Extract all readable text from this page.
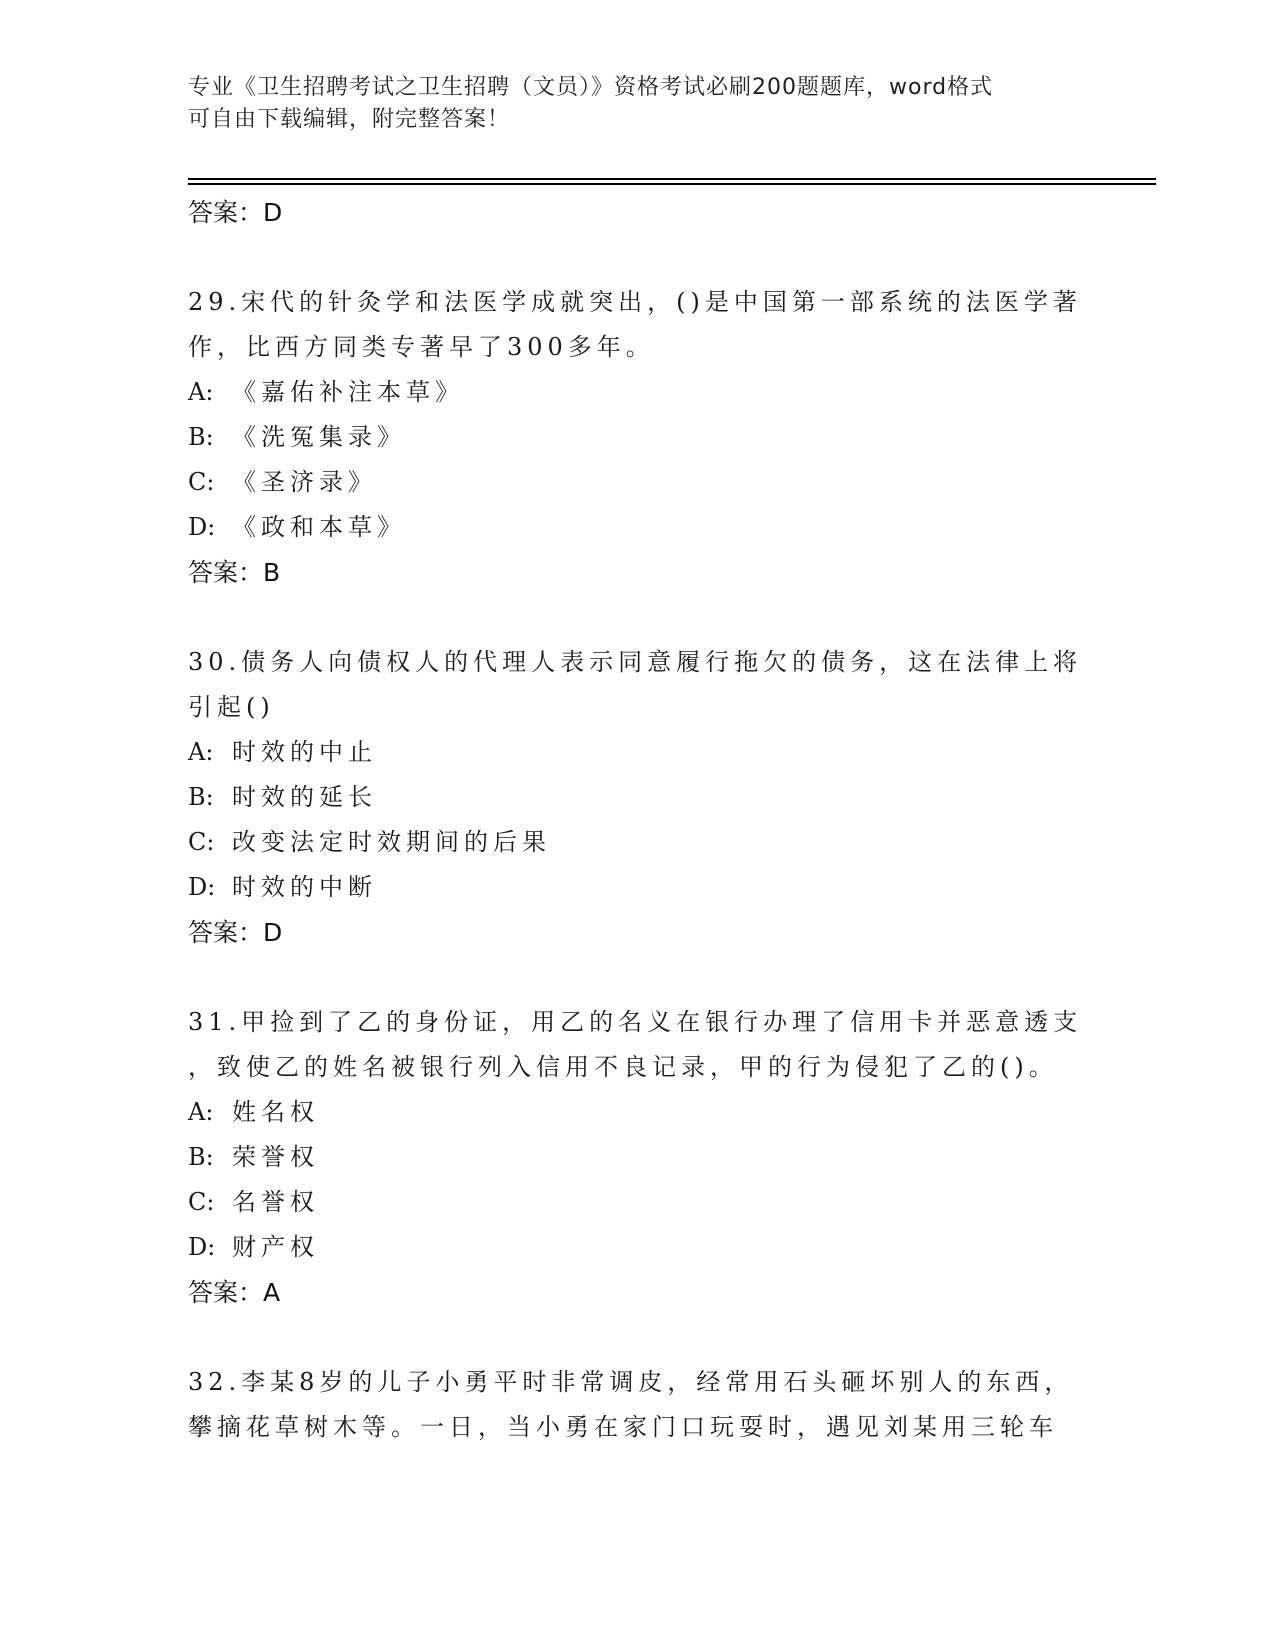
专业《卫生招聘考试之卫生招聘（文员）》资格考试必刷200题题库，word格式
可自由下载编辑，附完整答案！
答案：D
29.宋代的针灸学和法医学成就突出，()是中国第一部系统的法医学著
作，比西方同类专著早了300多年。
A: 《嘉佑补注本草》
B: 《洗冤集录》
C: 《圣济录》
D: 《政和本草》
答案：B
30.债务人向债权人的代理人表示同意履行拖欠的债务，这在法律上将
引起()
A: 时效的中止
B: 时效的延长
C: 改变法定时效期间的后果
D: 时效的中断
答案：D
31.甲捡到了乙的身份证，用乙的名义在银行办理了信用卡并恶意透支
，致使乙的姓名被银行列入信用不良记录，甲的行为侵犯了乙的()。
A: 姓名权
B: 荣誉权
C: 名誉权
D: 财产权
答案：A
32.李某8岁的儿子小勇平时非常调皮，经常用石头砸坏别人的东西，
攀摘花草树木等。一日，当小勇在家门口玩耍时，遇见刘某用三轮车
